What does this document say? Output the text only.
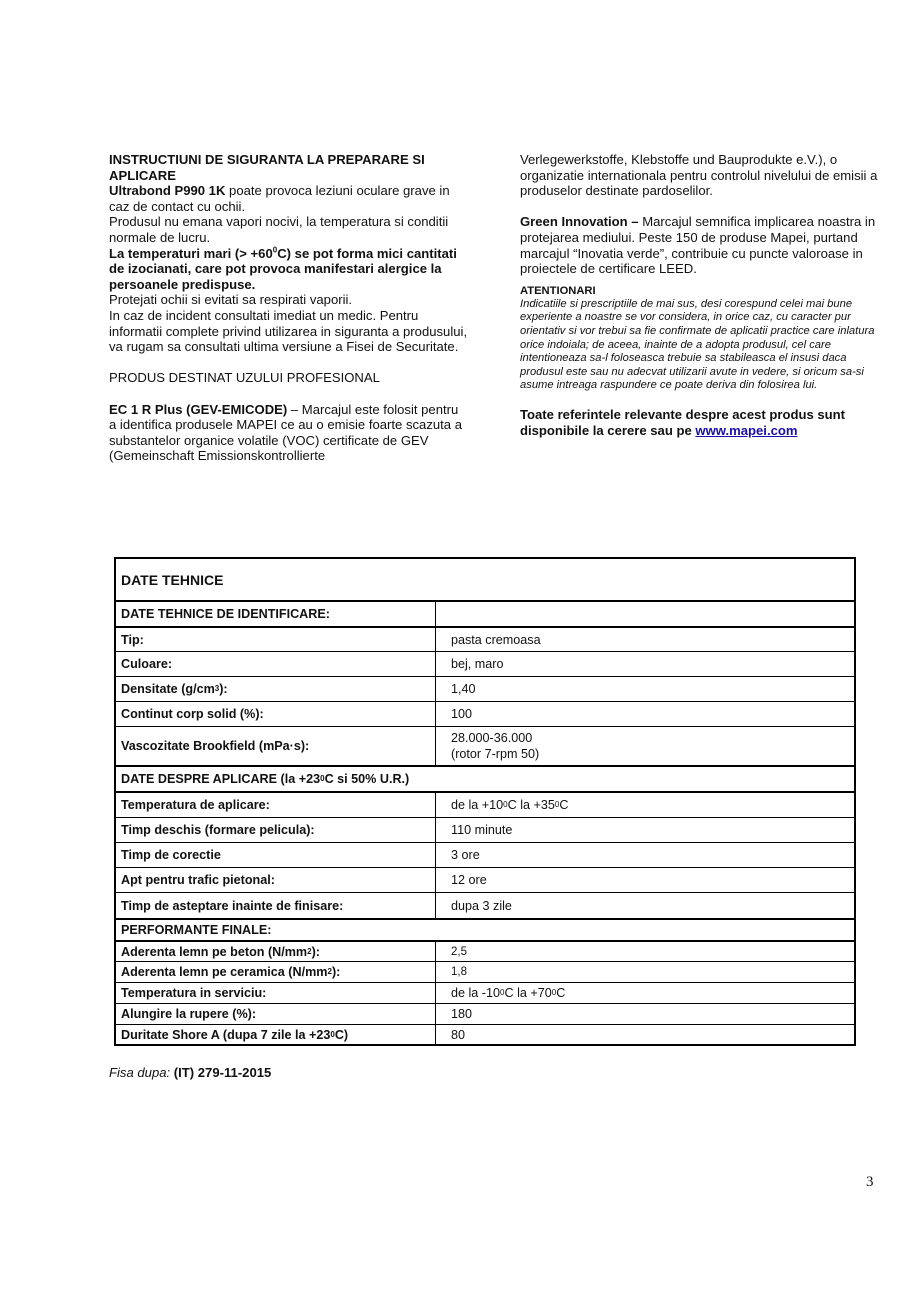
INSTRUCTIUNI DE SIGURANTA LA PREPARARE SI APLICARE

Ultrabond P990 1K poate provoca leziuni oculare grave in caz de contact cu ochii.

Produsul nu emana vapori nocivi, la temperatura si conditii normale de lucru.

La temperaturi mari (> $+60^0C$) se pot forma mici cantitati de izocianati, care pot provoca manifestari alergice la persoanele predispuse.

Protejati ochii si evitati sa respirati vaporii.

In caz de incident consultati imediat un medic. Pentru informatii complete privind utilizarea in siguranta a produsului, va rugam sa consultati ultima versiune a Fisei de Securitate.

PRODUS DESTINAT UZULUI PROFESIONAL

EC 1 R Plus (GEV-EMICODE) – Marcajul este folosit pentru a identifica produsele MAPEI ce au o emisie foarte scazuta a substantelor organice volatile (VOC) certificate de GEV (Gemeinschaft Emissionskontrollierte

Verlegewerkstoffe, Klebstoffe und Bauprodukte e.V.), o organizatie internationala pentru controlul nivelului de emisii a produselor destinate pardoselilor.

Green Innovation – Marcajul semnifica implicarea noastra in protejarea mediului. Peste 150 de produse Mapei, purtand marcajul “Inovatia verde”, contribuie cu puncte valoroase in proiectele de certificare LEED.

ATENTIONARI

Indicatiile si prescriptiile de mai sus, desi corespund celei mai bune experiente a noastre se vor considera, in orice caz, cu caracter pur orientativ si vor trebui sa fie confirmate de aplicatii practice care inlatura orice indoiala; de aceea, inainte de a adopta produsul, cel care intentioneaza sa-l foloseasca trebuie sa stabileasca el insusi daca produsul este sau nu adecvat utilizarii avute in vedere, si oricum sa-si asume intreaga raspundere ce poate deriva din folosirea lui.

Toate referintele relevante despre acest produs sunt disponibile la cerere sau pe www.mapei.com

DATE TEHNICE
DATE TEHNICE DE IDENTIFICARE:
Tip:	pasta cremoasa
Culoare:	bej, maro
Densitate (g/cm 3 ):	1,40
Continut corp solid (%):	100
Vascozitate Brookfield (mPa·s):
28.000-36.000
(rotor 7-rpm 50)
DATE DESPRE APLICARE (la +23 0 C si 50% U.R.)
Temperatura de aplicare:	de la +10 0 C la +35 0 C
Timp deschis (formare pelicula):	110 minute
Timp de corectie	3 ore
Apt pentru trafic pietonal:	12 ore
Timp de asteptare inainte de finisare:	dupa 3 zile
PERFORMANTE FINALE:
Aderenta lemn pe beton (N/mm 2 ):	2,5
Aderenta lemn pe ceramica (N/mm 2 ):	1,8
Temperatura in serviciu:	de la -10 0 C la +70 0 C
Alungire la rupere (%):	180
Duritate Shore A (dupa 7 zile la +23 0 C)	80
Fisa dupa: (IT) 279-11-2015
3
